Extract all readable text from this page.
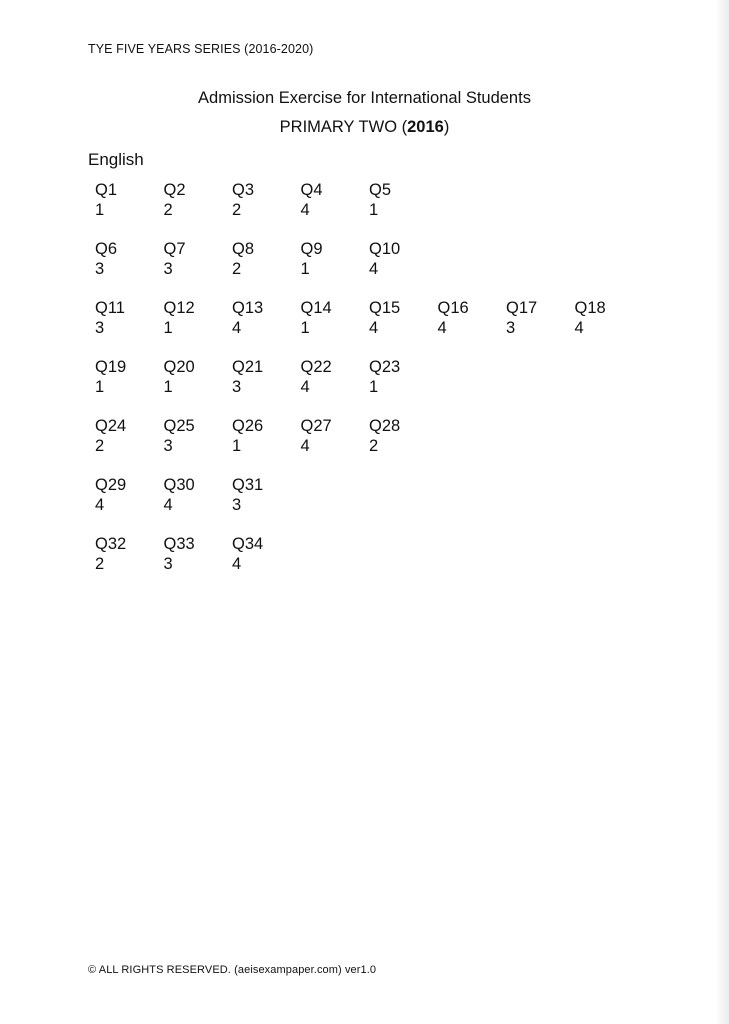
TYE FIVE YEARS SERIES (2016-2020)
Admission Exercise for International Students
PRIMARY TWO (2016)
English
Q1
1
Q2
2
Q3
2
Q4
4
Q5
1
Q6
3
Q7
3
Q8
2
Q9
1
Q10
4
Q11
3
Q12
1
Q13
4
Q14
1
Q15
4
Q16
4
Q17
3
Q18
4
Q19
1
Q20
1
Q21
3
Q22
4
Q23
1
Q24
2
Q25
3
Q26
1
Q27
4
Q28
2
Q29
4
Q30
4
Q31
3
Q32
2
Q33
3
Q34
4
© ALL RIGHTS RESERVED. (aeisexampaper.com) ver1.0
